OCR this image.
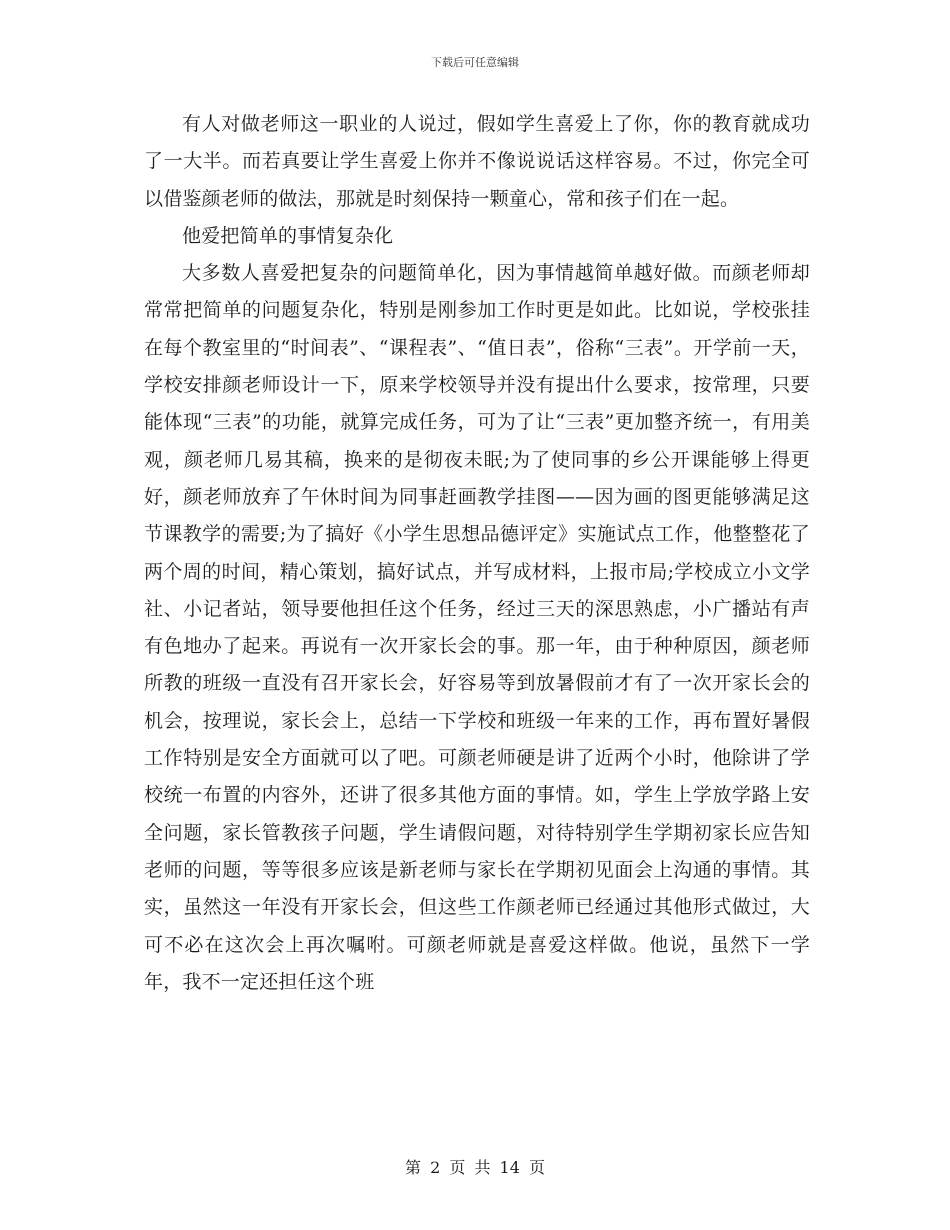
下载后可任意编辑

有人对做老师这一职业的人说过，假如学生喜爱上了你，你的教育就成功了一大半。而若真要让学生喜爱上你并不像说说话这样容易。不过，你完全可以借鉴颜老师的做法，那就是时刻保持一颗童心，常和孩子们在一起。

他爱把简单的事情复杂化

大多数人喜爱把复杂的问题简单化，因为事情越简单越好做。而颜老师却常常把简单的问题复杂化，特别是刚参加工作时更是如此。比如说，学校张挂在每个教室里的“时间表”、“课程表”、“值日表”，俗称“三表”。开学前一天，学校安排颜老师设计一下，原来学校领导并没有提出什么要求，按常理，只要能体现“三表”的功能，就算完成任务，可为了让“三表”更加整齐统一，有用美观，颜老师几易其稿，换来的是彻夜未眠;为了使同事的乡公开课能够上得更好，颜老师放弃了午休时间为同事赶画教学挂图——因为画的图更能够满足这节课教学的需要;为了搞好《小学生思想品德评定》实施试点工作，他整整花了两个周的时间，精心策划，搞好试点，并写成材料，上报市局;学校成立小文学社、小记者站，领导要他担任这个任务，经过三天的深思熟虑，小广播站有声有色地办了起来。再说有一次开家长会的事。那一年，由于种种原因，颜老师所教的班级一直没有召开家长会，好容易等到放暑假前才有了一次开家长会的机会，按理说，家长会上，总结一下学校和班级一年来的工作，再布置好暑假工作特别是安全方面就可以了吧。可颜老师硬是讲了近两个小时，他除讲了学校统一布置的内容外，还讲了很多其他方面的事情。如，学生上学放学路上安全问题，家长管教孩子问题，学生请假问题，对待特别学生学期初家长应告知老师的问题，等等很多应该是新老师与家长在学期初见面会上沟通的事情。其实，虽然这一年没有开家长会，但这些工作颜老师已经通过其他形式做过，大可不必在这次会上再次嘱咐。可颜老师就是喜爱这样做。他说，虽然下一学年，我不一定还担任这个班

第 2 页 共 14 页
